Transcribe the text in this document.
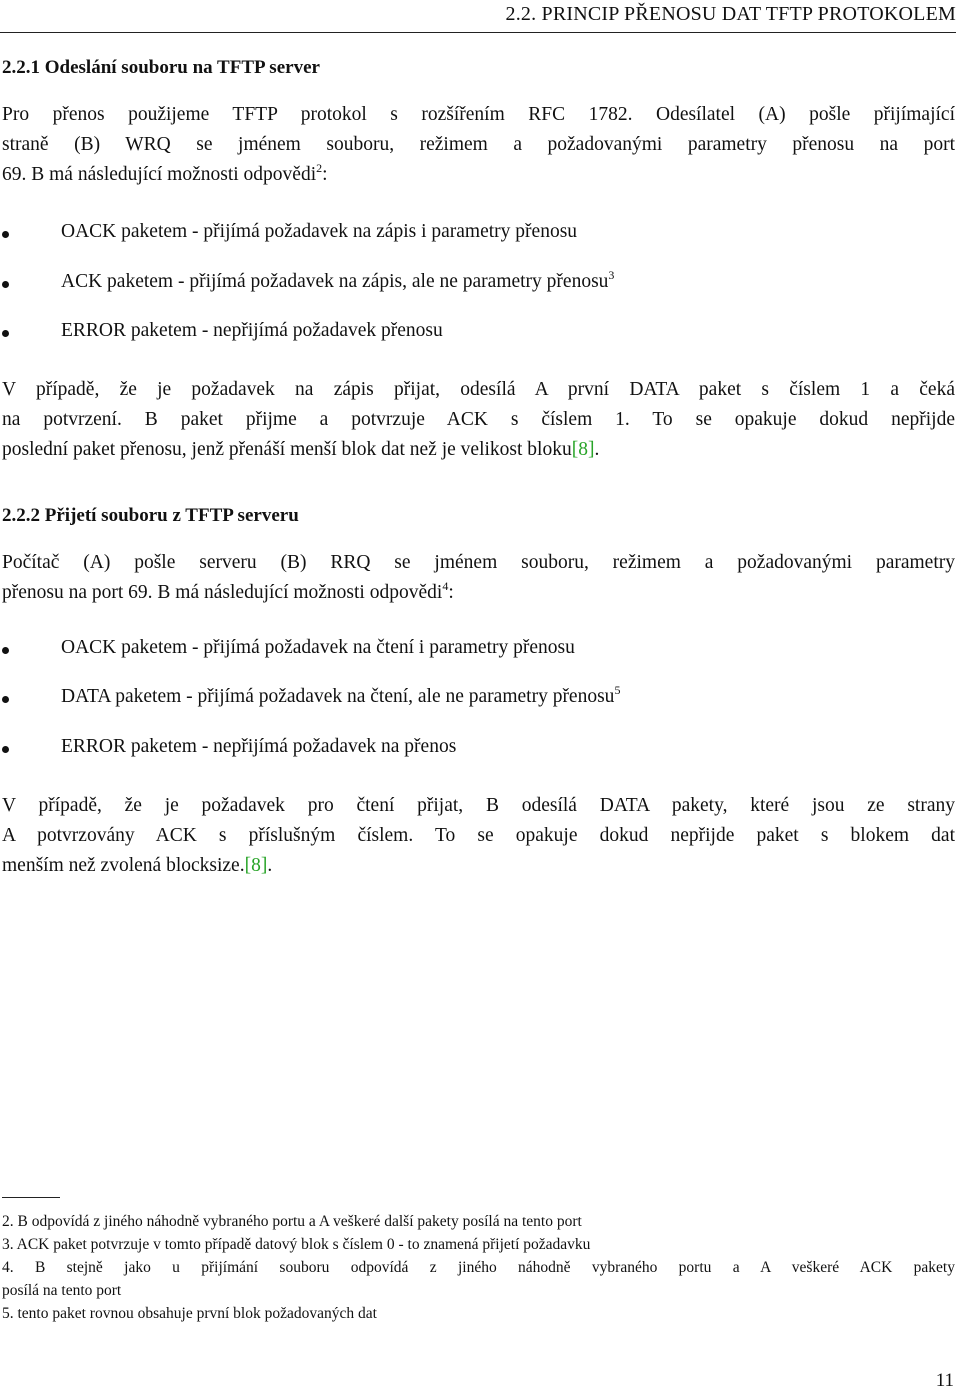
2.2. PRINCIP PŘENOSU DAT TFTP PROTOKOLEM
2.2.1 Odeslání souboru na TFTP server
Pro přenos použijeme TFTP protokol s rozšířením RFC 1782. Odesílatel (A) pošle přijímající
straně (B) WRQ se jménem souboru, režimem a požadovanými parametry přenosu na port
69. B má následující možnosti odpovědi$^2$:
OACK paketem - přijímá požadavek na zápis i parametry přenosu
ACK paketem - přijímá požadavek na zápis, ale ne parametry přenosu$^3$
ERROR paketem - nepřijímá požadavek přenosu
V případě, že je požadavek na zápis přijat, odesílá A první DATA paket s číslem 1 a čeká
na potvrzení. B paket přijme a potvrzuje ACK s číslem 1. To se opakuje dokud nepřijde
poslední paket přenosu, jenž přenáší menší blok dat než je velikost bloku[8].
2.2.2 Přijetí souboru z TFTP serveru
Počítač (A) pošle serveru (B) RRQ se jménem souboru, režimem a požadovanými parametry
přenosu na port 69. B má následující možnosti odpovědi$^4$:
OACK paketem - přijímá požadavek na čtení i parametry přenosu
DATA paketem - přijímá požadavek na čtení, ale ne parametry přenosu$^5$
ERROR paketem - nepřijímá požadavek na přenos
V případě, že je požadavek pro čtení přijat, B odesílá DATA pakety, které jsou ze strany
A potvrzovány ACK s příslušným číslem. To se opakuje dokud nepřijde paket s blokem dat
menším než zvolená blocksize.[8].
2. B odpovídá z jiného náhodně vybraného portu a A veškeré další pakety posílá na tento port
3. ACK paket potvrzuje v tomto případě datový blok s číslem 0 - to znamená přijetí požadavku
4. B stejně jako u přijímání souboru odpovídá z jiného náhodně vybraného portu a A veškeré ACK pakety
posílá na tento port
5. tento paket rovnou obsahuje první blok požadovaných dat
11
